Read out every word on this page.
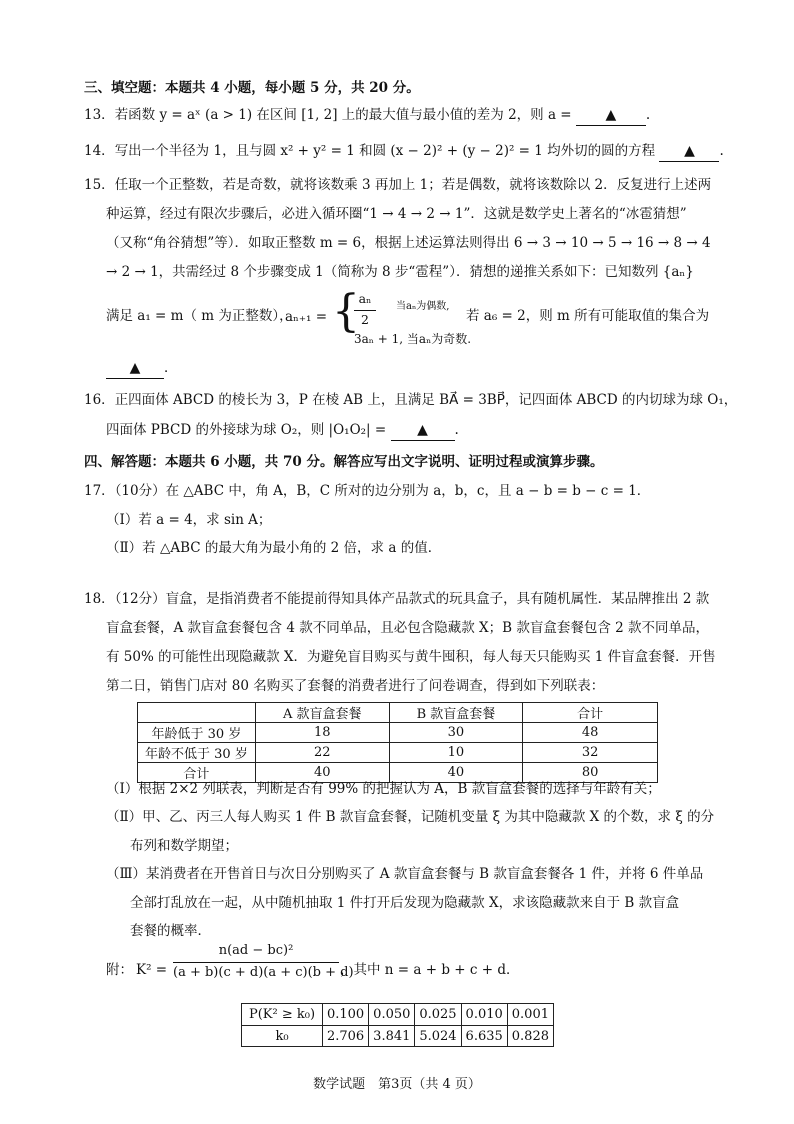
三、填空题：本题共 4 小题，每小题 5 分，共 20 分。
13．若函数 y = aˣ (a > 1) 在区间 [1, 2] 上的最大值与最小值的差为 2，则 a = ▲ .
14．写出一个半径为 1，且与圆 x² + y² = 1 和圆 (x − 2)² + (y − 2)² = 1 均外切的圆的方程 ▲ .
15．任取一个正整数，若是奇数，就将该数乘 3 再加上 1；若是偶数，就将该数除以 2．反复进行上述两
种运算，经过有限次步骤后，必进入循环圈“1 → 4 → 2 → 1”．这就是数学史上著名的“冰雹猜想”
（又称“角谷猜想”等）．如取正整数 m = 6，根据上述运算法则得出 6 → 3 → 10 → 5 → 16 → 8 → 4
→ 2 → 1，共需经过 8 个步骤变成 1（简称为 8 步“雹程”）．猜想的递推关系如下：已知数列 {aₙ}
满足 a₁ = m（ m 为正整数），
aₙ₊₁ = {
aₙ
2
当aₙ为偶数,
3aₙ + 1, 当aₙ为奇数.
若 a₆ = 2，则 m 所有可能取值的集合为
▲ ．
16．正四面体 ABCD 的棱长为 3，P 在棱 AB 上，且满足 BA⃗ = 3BP⃗，记四面体 ABCD 的内切球为球 O₁，
四面体 PBCD 的外接球为球 O₂，则 |O₁O₂| = ▲ .
四、解答题：本题共 6 小题，共 70 分。解答应写出文字说明、证明过程或演算步骤。
17．（10分）在 △ABC 中，角 A，B，C 所对的边分别为 a，b，c，且 a − b = b − c = 1．
（Ⅰ）若 a = 4，求 sin A；
（Ⅱ）若 △ABC 的最大角为最小角的 2 倍，求 a 的值．
18．（12分）盲盒，是指消费者不能提前得知具体产品款式的玩具盒子，具有随机属性．某品牌推出 2 款
盲盒套餐，A 款盲盒套餐包含 4 款不同单品，且必包含隐藏款 X；B 款盲盒套餐包含 2 款不同单品，
有 50% 的可能性出现隐藏款 X．为避免盲目购买与黄牛囤积，每人每天只能购买 1 件盲盒套餐．开售
第二日，销售门店对 80 名购买了套餐的消费者进行了问卷调查，得到如下列联表：
	A 款盲盒套餐	B 款盲盒套餐	合计
年龄低于 30 岁	18	30	48
年龄不低于 30 岁	22	10	32
合计	40	40	80
（Ⅰ）根据 2×2 列联表，判断是否有 99% 的把握认为 A，B 款盲盒套餐的选择与年龄有关；
（Ⅱ）甲、乙、丙三人每人购买 1 件 B 款盲盒套餐，记随机变量 ξ 为其中隐藏款 X 的个数，求 ξ 的分
布列和数学期望；
（Ⅲ）某消费者在开售首日与次日分别购买了 A 款盲盒套餐与 B 款盲盒套餐各 1 件，并将 6 件单品
全部打乱放在一起，从中随机抽取 1 件打开后发现为隐藏款 X，求该隐藏款来自于 B 款盲盒
套餐的概率．
附： K² =
n(ad − bc)²
(a + b)(c + d)(a + c)(b + d)
，其中 n = a + b + c + d．
P(K² ≥ k₀)	0.100	0.050	0.025	0.010	0.001
k₀	2.706	3.841	5.024	6.635	0.828
数学试题　第3页（共 4 页）
